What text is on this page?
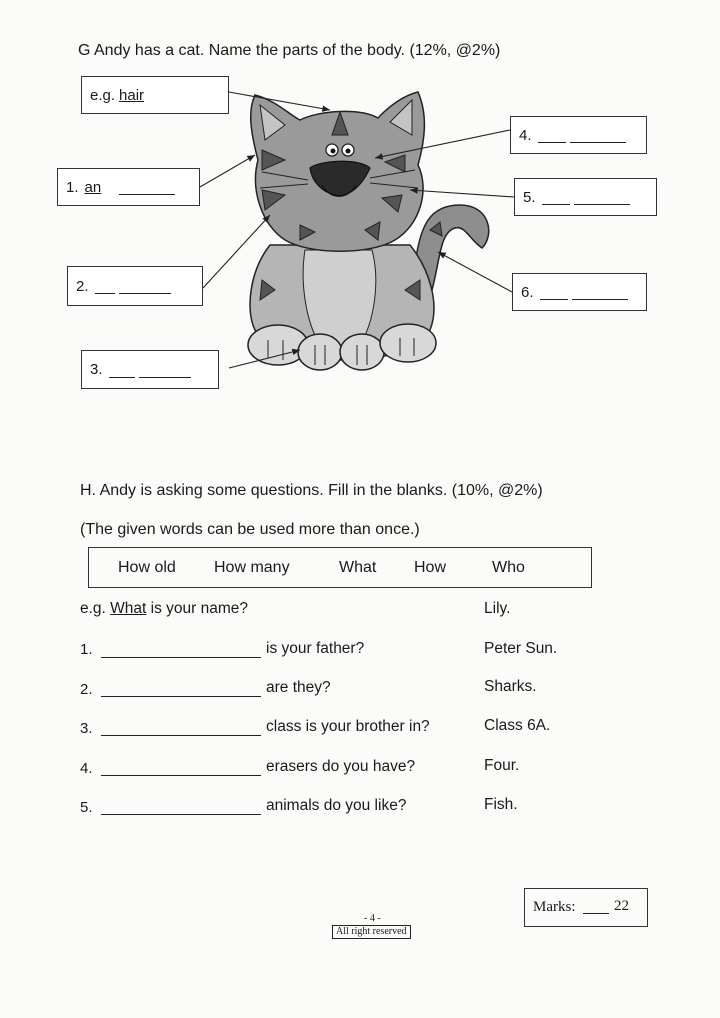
G Andy has a cat. Name the parts of the body. (12%, @2%)
e.g. hair
1. an
2.
3.
4.
5.
6.
H. Andy is asking some questions. Fill in the blanks. (10%, @2%)
(The given words can be used more than once.)
How old How many	What How	Who
e.g. What is your name?	Lily.
1.	is your father?	Peter Sun.
2.	are they?	Sharks.
3.	class is your brother in?	Class 6A.
4.	erasers do you have?	Four.
5.	animals do you like?	Fish.
Marks:	22
- 4 -
All right reserved
